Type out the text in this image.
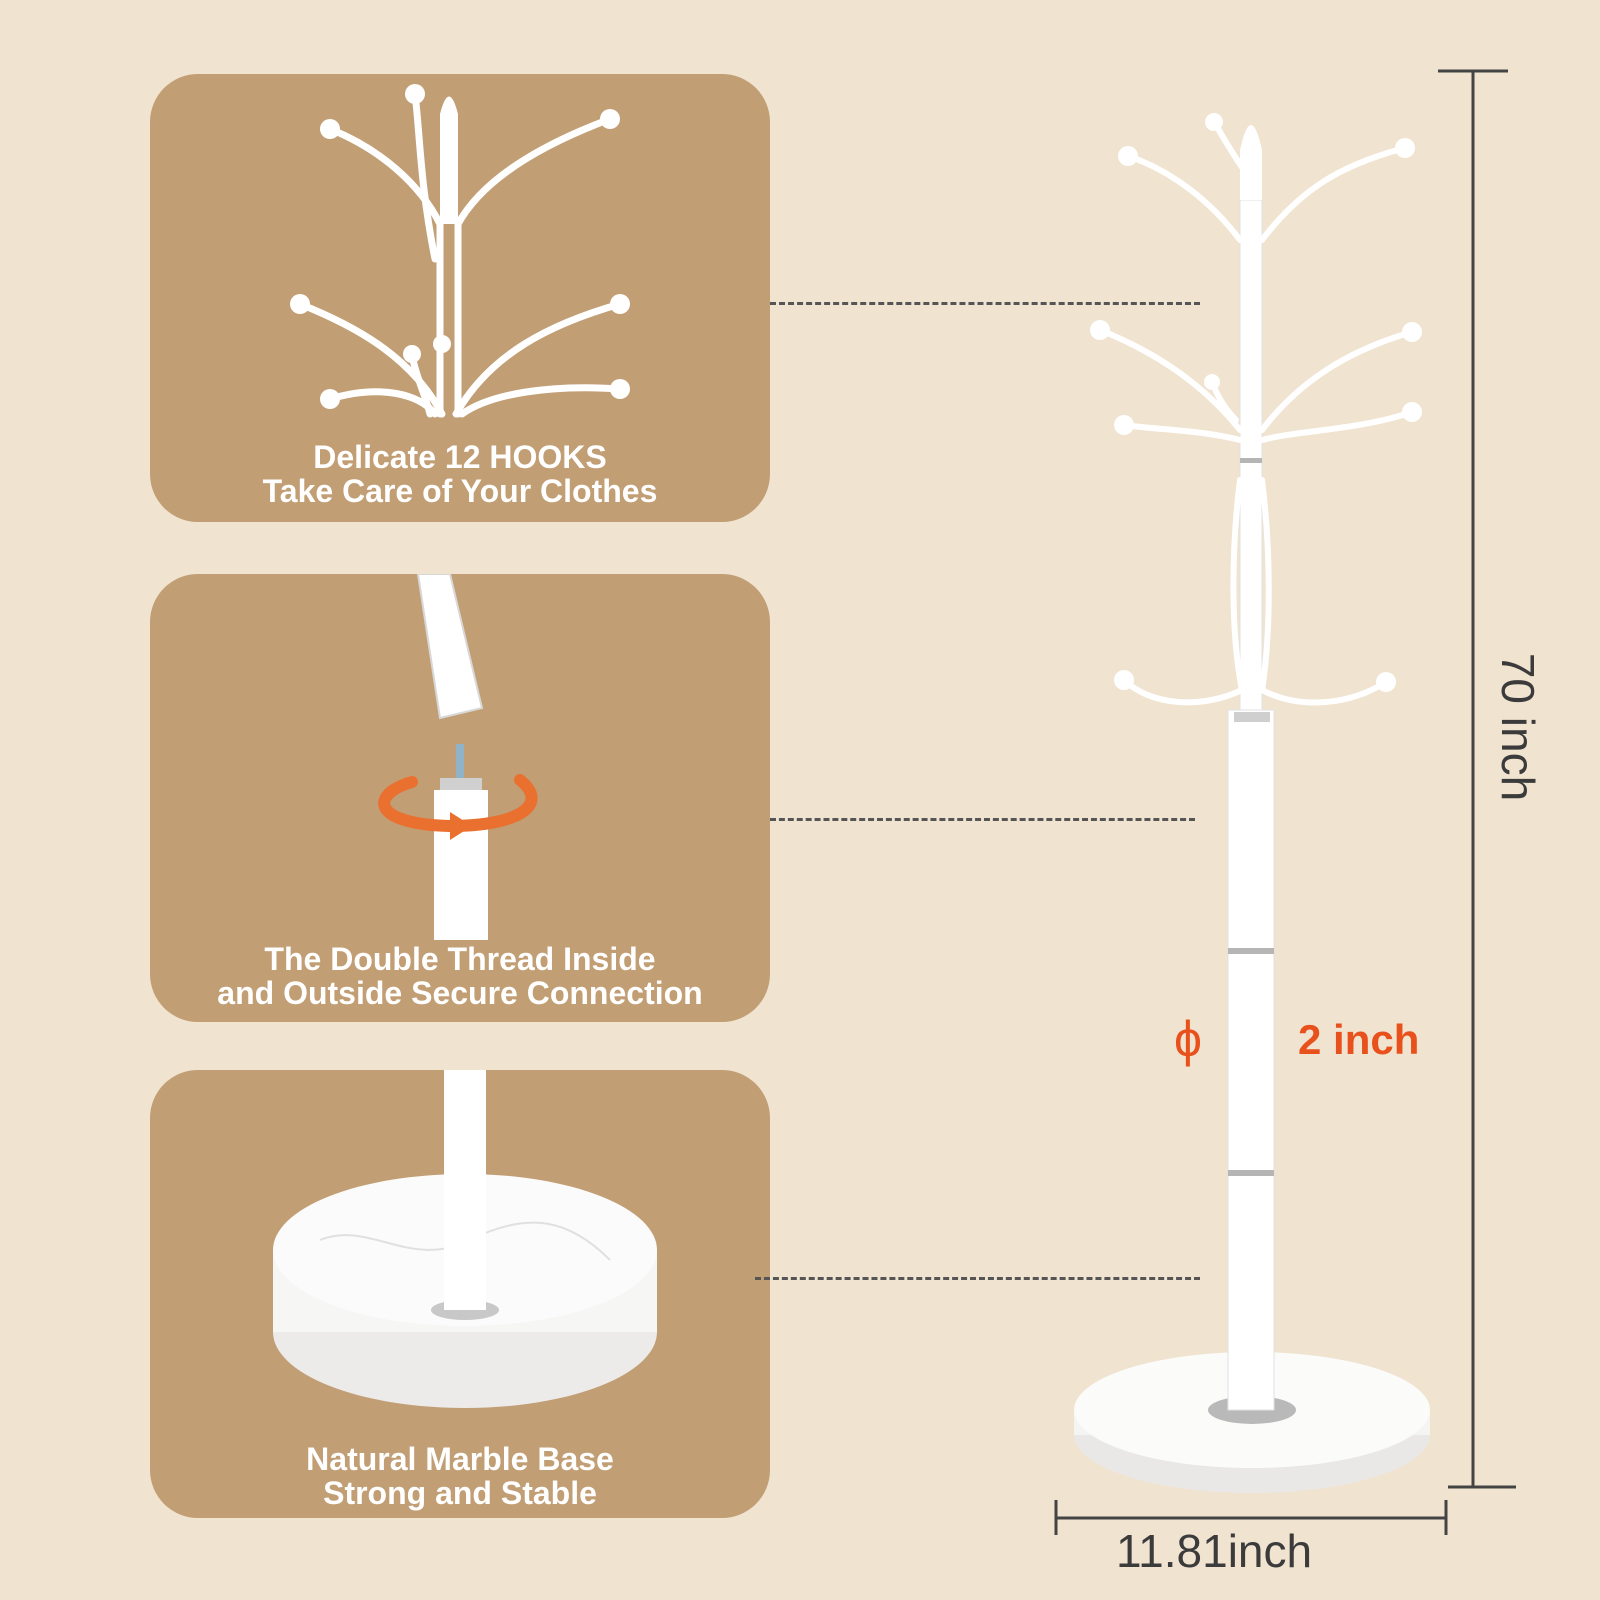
Delicate 12 HOOKS
Take Care of Your Clothes
The Double Thread Inside
and Outside Secure Connection
Natural Marble Base
Strong and Stable
70 inch
11.81inch
ϕ 2 inch
